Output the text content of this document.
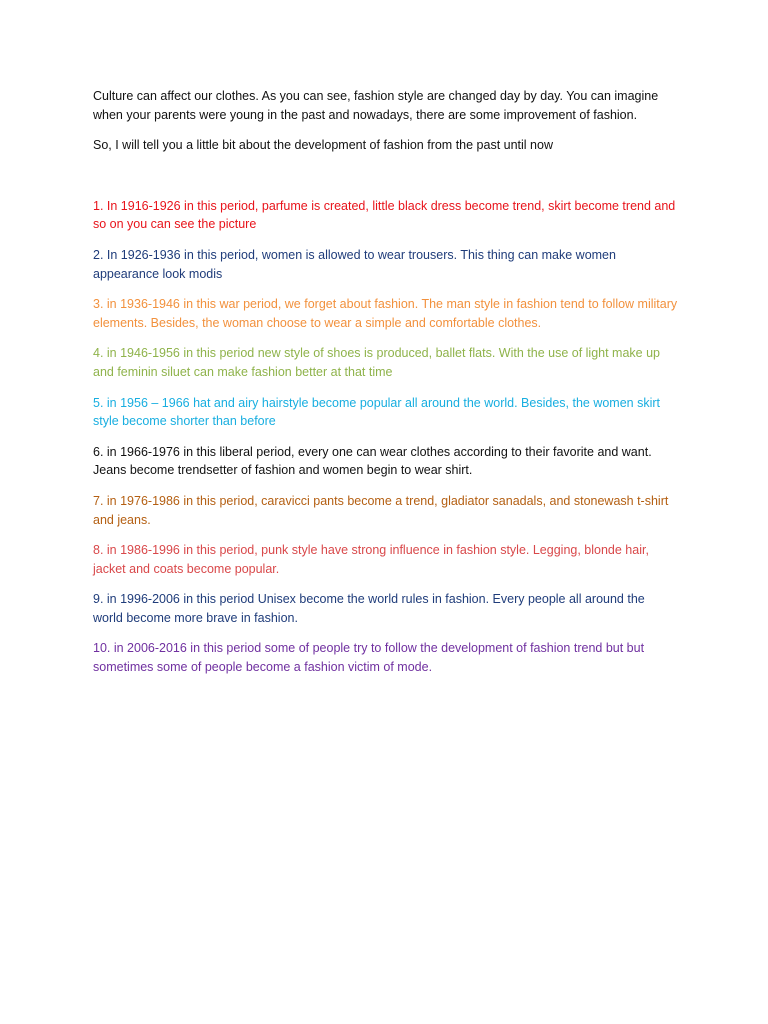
Culture can affect our clothes. As you can see, fashion style are changed day by day. You can imagine when your parents were young in the past and nowadays, there are some improvement of fashion.

So, I will tell you a little bit about the development of fashion from the past until now

1. In 1916-1926 in this period, parfume is created, little black dress become trend, skirt become trend and so on you can see the picture

2. In 1926-1936 in this period, women is allowed to wear trousers. This thing can make women appearance look modis

3. in 1936-1946 in this war period, we forget about fashion. The man style in fashion tend to follow military elements. Besides, the woman choose to wear a simple and comfortable clothes.

4. in 1946-1956 in this period new style of shoes is produced, ballet flats. With the use of light make up and feminin siluet can make fashion better at that time

5. in 1956 – 1966 hat and airy hairstyle become popular all around the world. Besides, the women skirt style become shorter than before

6. in 1966-1976 in this liberal period, every one can wear clothes according to their favorite and want. Jeans become trendsetter of fashion and women begin to wear shirt.

7. in 1976-1986 in this period, caravicci pants become a trend, gladiator sanadals, and stonewash t-shirt and jeans.

8. in 1986-1996 in this period, punk style have strong influence in fashion style. Legging, blonde hair, jacket and coats become popular.

9. in 1996-2006 in this period Unisex become the world rules in fashion. Every people all around the world become more brave in fashion.

10. in 2006-2016 in this period some of people try to follow the development of fashion trend but but sometimes some of people become a fashion victim of mode.
